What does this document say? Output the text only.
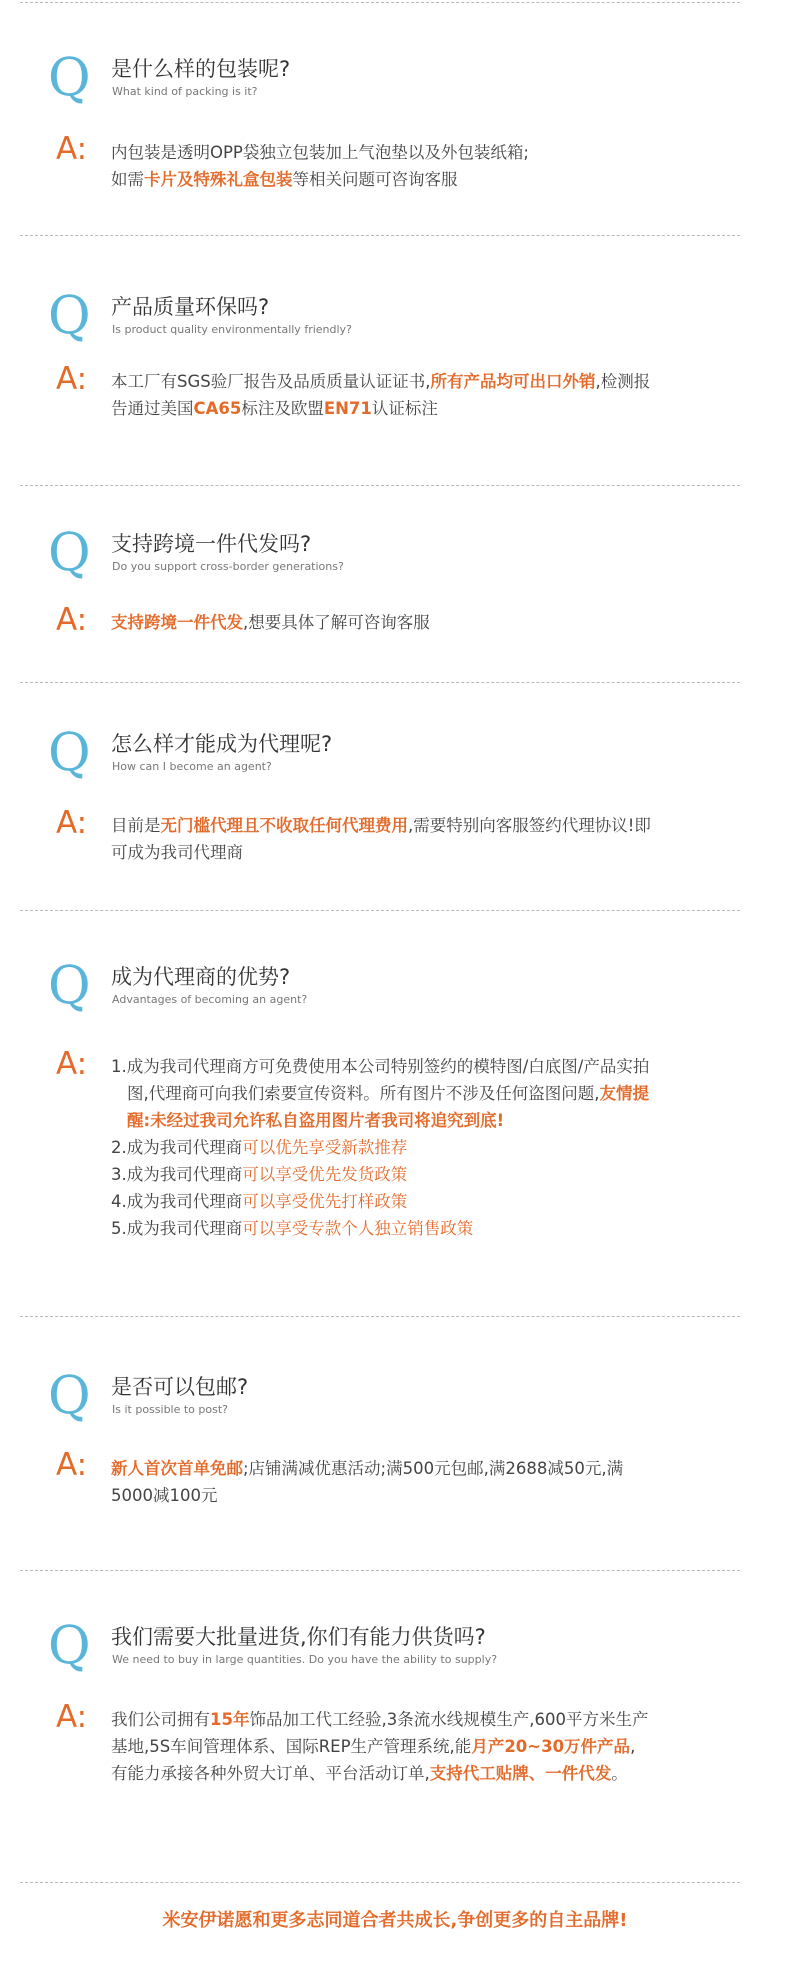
Q 是什么样的包装呢?
What kind of packing is it?
A: 内包装是透明OPP袋独立包装加上气泡垫以及外包装纸箱;
如需卡片及特殊礼盒包装等相关问题可咨询客服
Q 产品质量环保吗?
Is product quality environmentally friendly?
A: 本工厂有SGS验厂报告及品质质量认证证书,所有产品均可出口外销,检测报告通过美国CA65标注及欧盟EN71认证标注
Q 支持跨境一件代发吗?
Do you support cross-border generations?
A: 支持跨境一件代发,想要具体了解可咨询客服
Q 怎么样才能成为代理呢?
How can I become an agent?
A: 目前是无门槛代理且不收取任何代理费用,需要特别向客服签约代理协议!即可成为我司代理商
Q 成为代理商的优势?
Advantages of becoming an agent?
A: 1.成为我司代理商方可免费使用本公司特别签约的模特图/白底图/产品实拍图,代理商可向我们索要宣传资料。所有图片不涉及任何盗图问题,友情提醒:未经过我司允许私自盗用图片者我司将追究到底!
2.成为我司代理商可以优先享受新款推荐
3.成为我司代理商可以享受优先发货政策
4.成为我司代理商可以享受优先打样政策
5.成为我司代理商可以享受专款个人独立销售政策
Q 是否可以包邮?
Is it possible to post?
A: 新人首次首单免邮;店铺满减优惠活动;满500元包邮,满2688减50元,满5000减100元
Q 我们需要大批量进货,你们有能力供货吗?
We need to buy in large quantities. Do you have the ability to supply?
A: 我们公司拥有15年饰品加工代工经验,3条流水线规模生产,600平方米生产基地,5S车间管理体系、国际REP生产管理系统,能月产20~30万件产品,有能力承接各种外贸大订单、平台活动订单,支持代工贴牌、一件代发。
米安伊诺愿和更多志同道合者共成长,争创更多的自主品牌!
